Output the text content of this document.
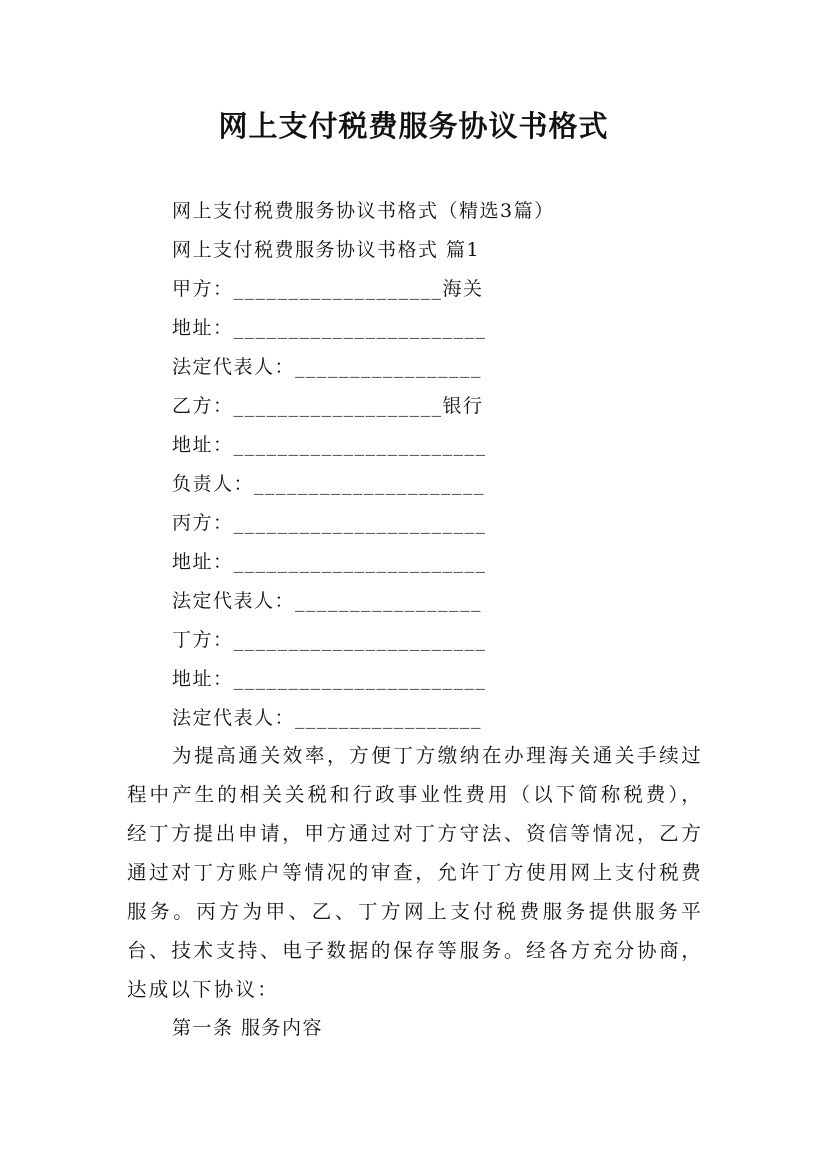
网上支付税费服务协议书格式
网上支付税费服务协议书格式（精选3篇）
网上支付税费服务协议书格式 篇1
甲方：___________________海关
地址：_______________________
法定代表人：_________________
乙方：___________________银行
地址：_______________________
负责人：_____________________
丙方：_______________________
地址：_______________________
法定代表人：_________________
丁方：_______________________
地址：_______________________
法定代表人：_________________

为提高通关效率，方便丁方缴纳在办理海关通关手续过程中产生的相关关税和行政事业性费用（以下简称税费），经丁方提出申请，甲方通过对丁方守法、资信等情况，乙方通过对丁方账户等情况的审查，允许丁方使用网上支付税费服务。丙方为甲、乙、丁方网上支付税费服务提供服务平台、技术支持、电子数据的保存等服务。经各方充分协商，达成以下协议：

第一条 服务内容
